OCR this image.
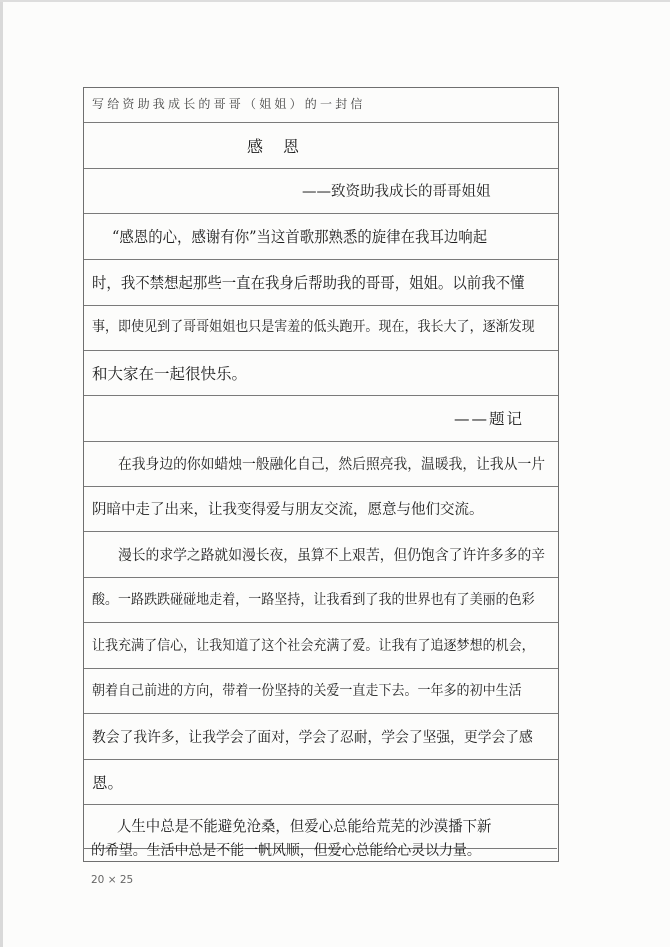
写给资助我成长的哥哥（姐姐）的一封信
感　恩
——致资助我成长的哥哥姐姐
“感恩的心，感谢有你”当这首歌那熟悉的旋律在我耳边响起
时，我不禁想起那些一直在我身后帮助我的哥哥，姐姐。以前我不懂
事，即使见到了哥哥姐姐也只是害羞的低头跑开。现在，我长大了，逐渐发现
和大家在一起很快乐。
——题记
在我身边的你如蜡烛一般融化自己，然后照亮我，温暖我，让我从一片
阴暗中走了出来，让我变得爱与朋友交流，愿意与他们交流。
漫长的求学之路就如漫长夜，虽算不上艰苦，但仍饱含了许许多多的辛
酸。一路跌跌碰碰地走着，一路坚持，让我看到了我的世界也有了美丽的色彩
让我充满了信心，让我知道了这个社会充满了爱。让我有了追逐梦想的机会，
朝着自己前进的方向，带着一份坚持的关爱一直走下去。一年多的初中生活
教会了我许多，让我学会了面对，学会了忍耐，学会了坚强，更学会了感
恩。
人生中总是不能避免沧桑，但爱心总能给荒芜的沙漠播下新
的希望。生活中总是不能一帆风顺，但爱心总能给心灵以力量。
20 × 25
